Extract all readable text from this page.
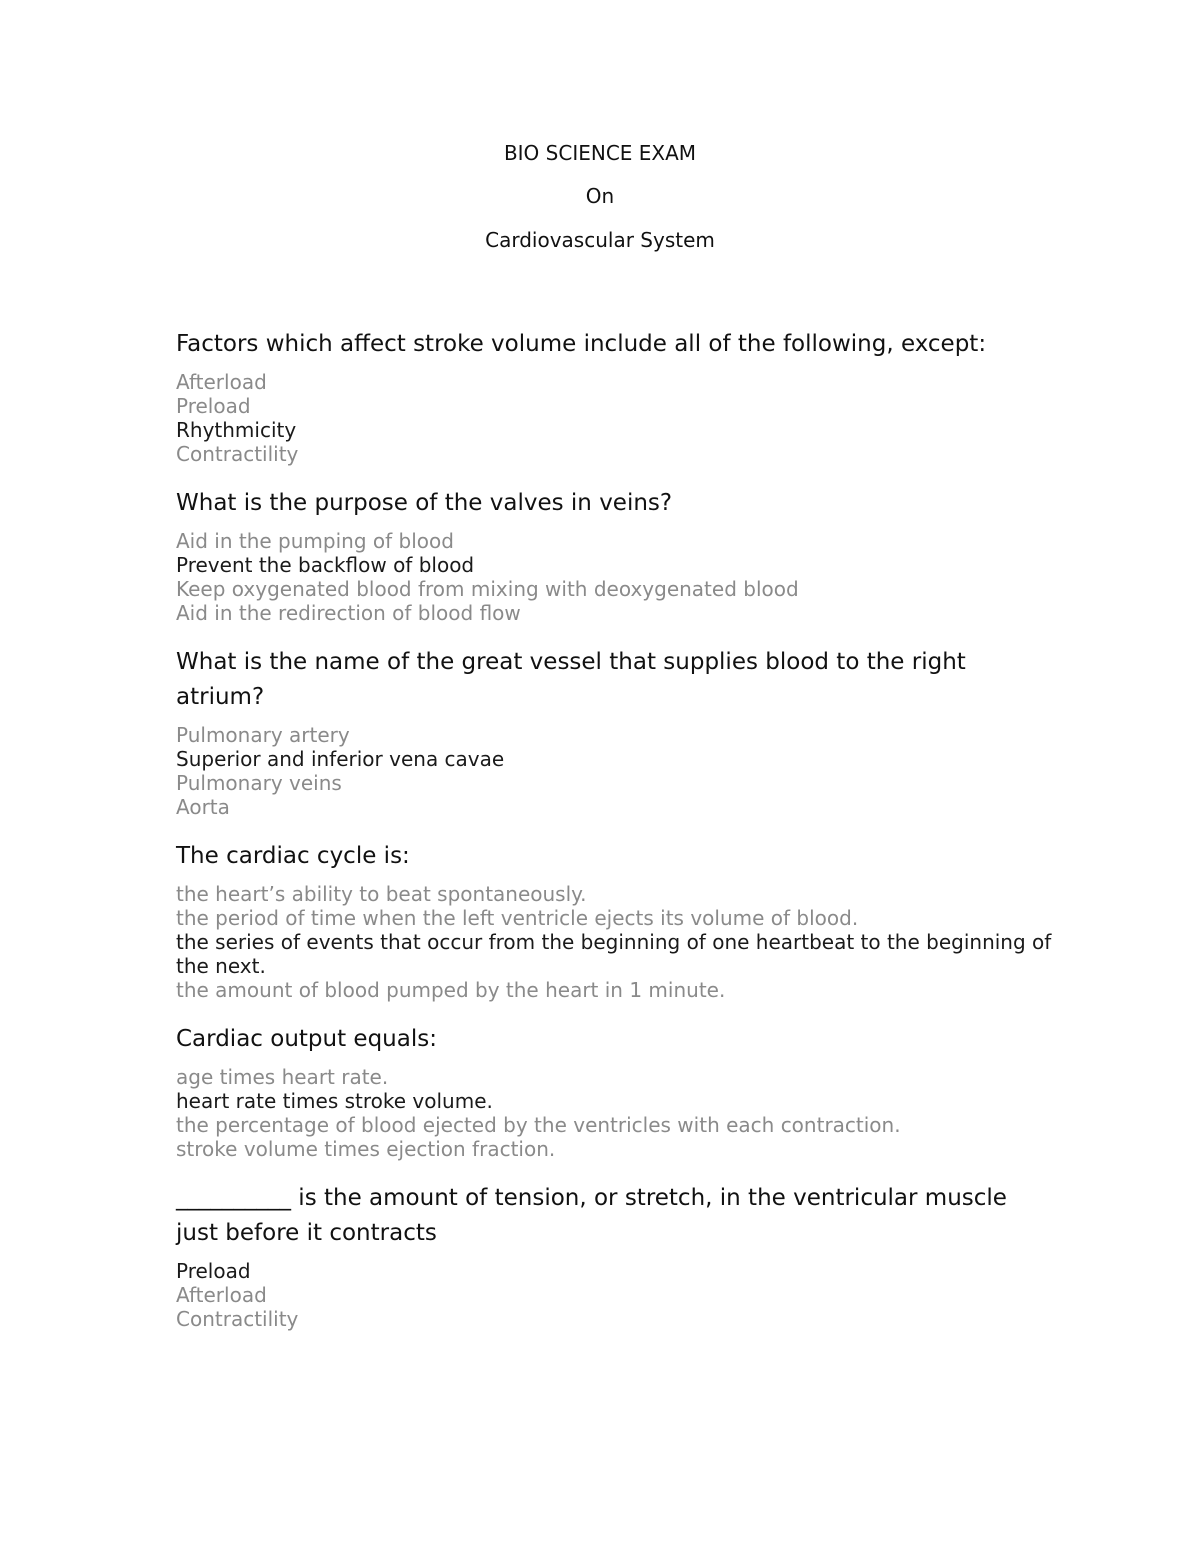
BIO SCIENCE EXAM
On
Cardiovascular System
Factors which affect stroke volume include all of the following, except:
Afterload
Preload
Rhythmicity
Contractility
What is the purpose of the valves in veins?
Aid in the pumping of blood
Prevent the backflow of blood
Keep oxygenated blood from mixing with deoxygenated blood
Aid in the redirection of blood flow
What is the name of the great vessel that supplies blood to the right atrium?
Pulmonary artery
Superior and inferior vena cavae
Pulmonary veins
Aorta
The cardiac cycle is:
the heart’s ability to beat spontaneously.
the period of time when the left ventricle ejects its volume of blood.
the series of events that occur from the beginning of one heartbeat to the beginning of the next.
the amount of blood pumped by the heart in 1 minute.
Cardiac output equals:
age times heart rate.
heart rate times stroke volume.
the percentage of blood ejected by the ventricles with each contraction.
stroke volume times ejection fraction.
__________ is the amount of tension, or stretch, in the ventricular muscle just before it contracts
Preload
Afterload
Contractility
